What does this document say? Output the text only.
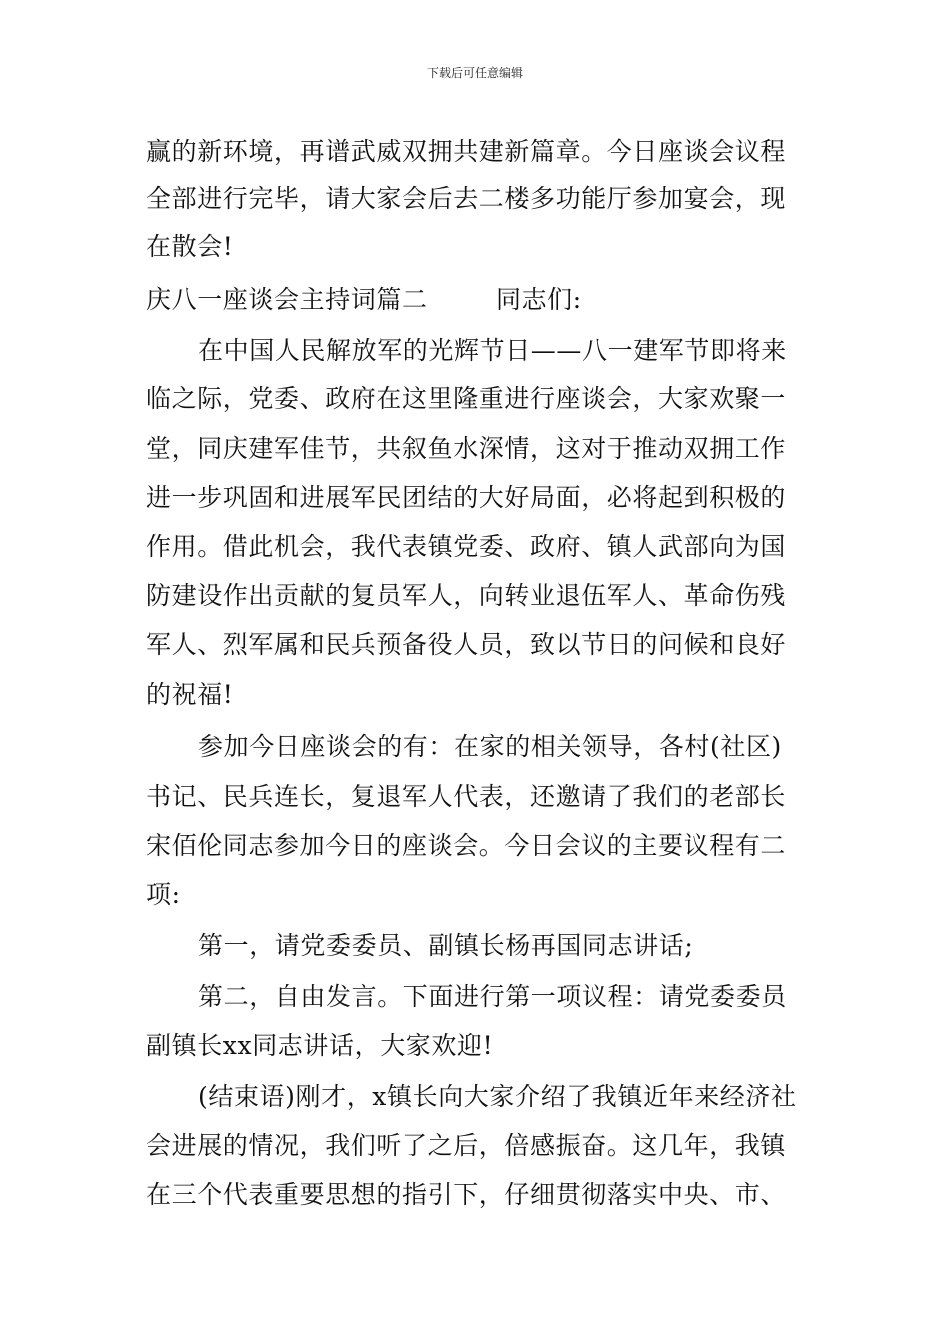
下载后可任意编辑
赢的新环境，再谱武威双拥共建新篇章。今日座谈会议程
全部进行完毕，请大家会后去二楼多功能厅参加宴会，现
在散会!
庆八一座谈会主持词篇二        同志们:
在中国人民解放军的光辉节日——八一建军节即将来
临之际，党委、政府在这里隆重进行座谈会，大家欢聚一
堂，同庆建军佳节，共叙鱼水深情，这对于推动双拥工作
进一步巩固和进展军民团结的大好局面，必将起到积极的
作用。借此机会，我代表镇党委、政府、镇人武部向为国
防建设作出贡献的复员军人，向转业退伍军人、革命伤残
军人、烈军属和民兵预备役人员，致以节日的问候和良好
的祝福!
参加今日座谈会的有：在家的相关领导，各村(社区)
书记、民兵连长，复退军人代表，还邀请了我们的老部长
宋佰伦同志参加今日的座谈会。今日会议的主要议程有二
项:
第一，请党委委员、副镇长杨再国同志讲话;
第二，自由发言。下面进行第一项议程：请党委委员
副镇长xx同志讲话，大家欢迎!
(结束语)刚才，x镇长向大家介绍了我镇近年来经济社
会进展的情况，我们听了之后，倍感振奋。这几年，我镇
在三个代表重要思想的指引下，仔细贯彻落实中央、市、
